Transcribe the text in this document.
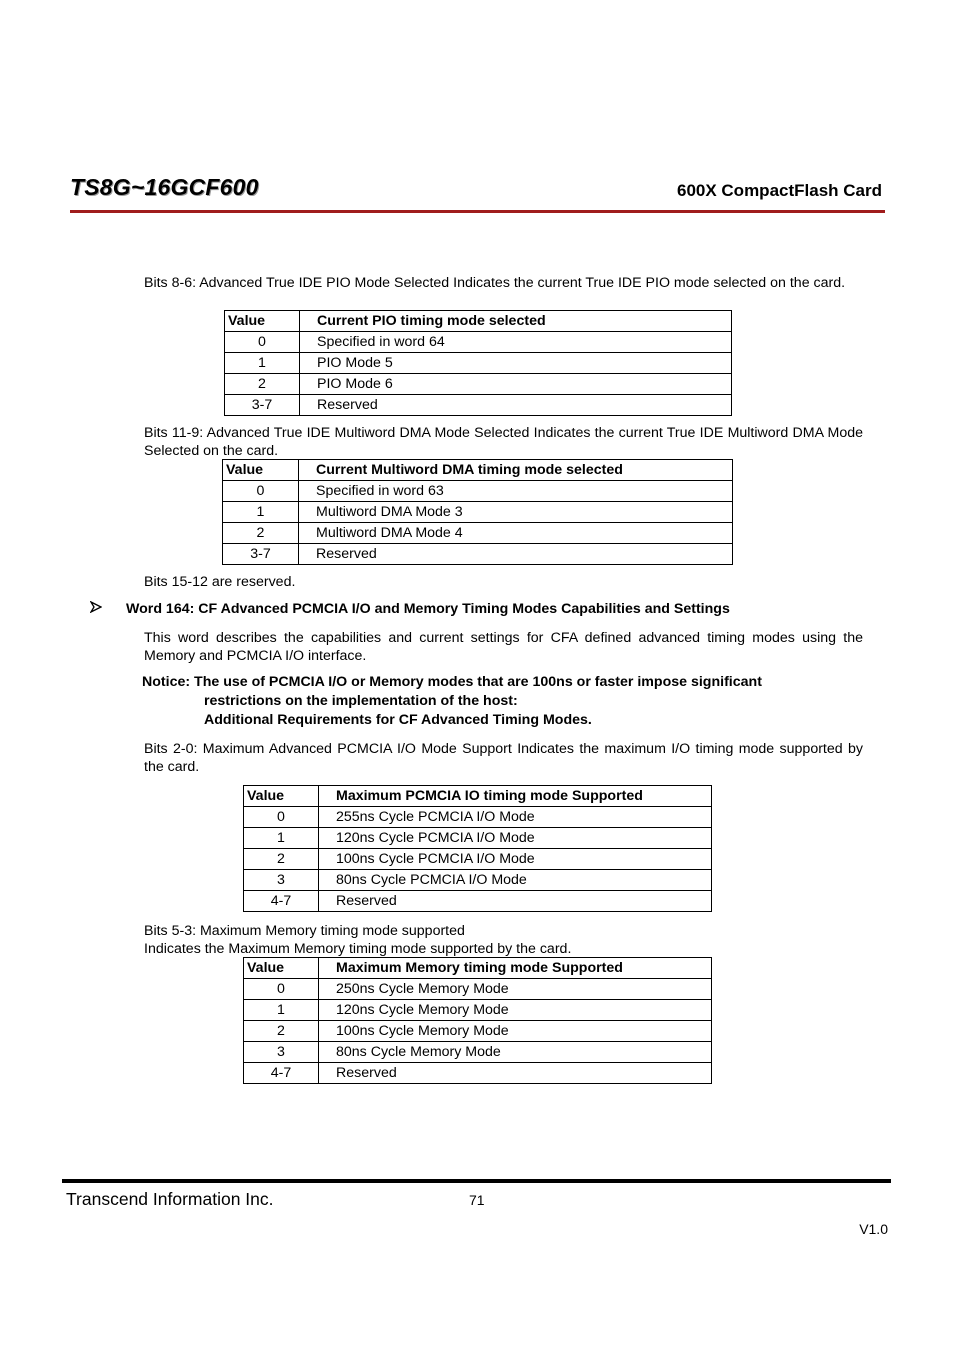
TS8G~16GCF600	600X CompactFlash Card
Bits 8-6: Advanced True IDE PIO Mode Selected Indicates the current True IDE PIO mode selected on the card.
Value	Current PIO timing mode selected
0	Specified in word 64
1	PIO Mode 5
2	PIO Mode 6
3-7	Reserved
Bits 11-9: Advanced True IDE Multiword DMA Mode Selected Indicates the current True IDE Multiword DMA Mode Selected on the card.
Value	Current Multiword DMA timing mode selected
0	Specified in word 63
1	Multiword DMA Mode 3
2	Multiword DMA Mode 4
3-7	Reserved
Bits 15-12 are reserved.
Word 164: CF Advanced PCMCIA I/O and Memory Timing Modes Capabilities and Settings
This word describes the capabilities and current settings for CFA defined advanced timing modes using the Memory and PCMCIA I/O interface.
Notice: The use of PCMCIA I/O or Memory modes that are 100ns or faster impose significant
restrictions on the implementation of the host:
Additional Requirements for CF Advanced Timing Modes.
Bits 2-0: Maximum Advanced PCMCIA I/O Mode Support Indicates the maximum I/O timing mode supported by the card.
Value	Maximum PCMCIA IO timing mode Supported
0	255ns Cycle PCMCIA I/O Mode
1	120ns Cycle PCMCIA I/O Mode
2	100ns Cycle PCMCIA I/O Mode
3	80ns Cycle PCMCIA I/O Mode
4-7	Reserved
Bits 5-3: Maximum Memory timing mode supported
Indicates the Maximum Memory timing mode supported by the card.
Value	Maximum Memory timing mode Supported
0	250ns Cycle Memory Mode
1	120ns Cycle Memory Mode
2	100ns Cycle Memory Mode
3	80ns Cycle Memory Mode
4-7	Reserved
Transcend Information Inc.	71
V1.0
